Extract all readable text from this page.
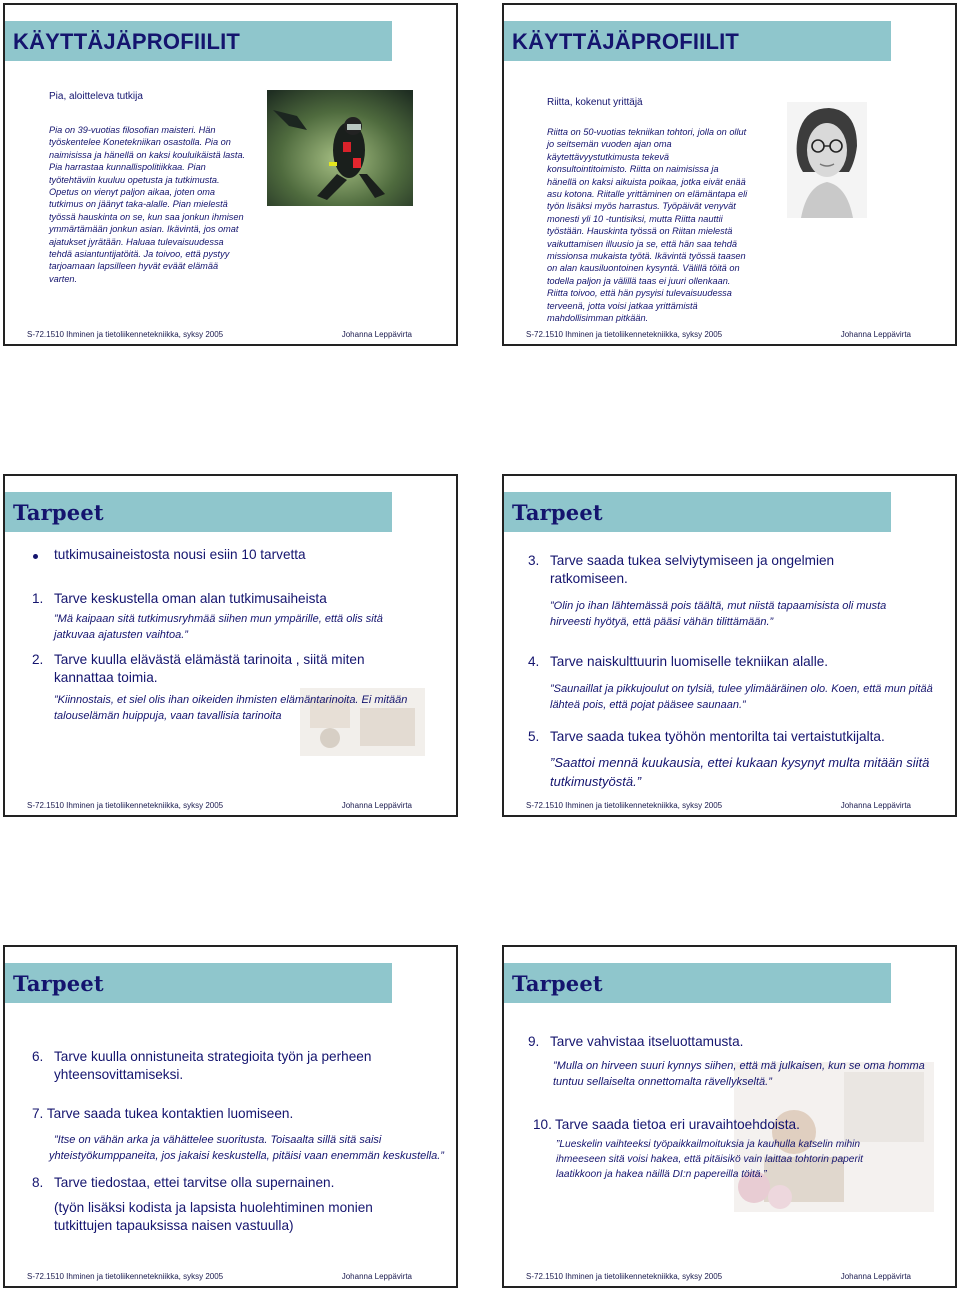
KÄYTTÄJÄPROFIILIT
Pia, aloitteleva tutkija
Pia on 39-vuotias filosofian maisteri. Hän
työskentelee Konetekniikan osastolla. Pia on
naimisissa ja hänellä on kaksi kouluikäistä lasta.
Pia harrastaa kunnallispolitiikkaa. Pian
työtehtäviin kuuluu opetusta ja tutkimusta.
Opetus on vienyt paljon aikaa, joten oma
tutkimus on jäänyt taka-alalle. Pian mielestä
työssä hauskinta on se, kun saa jonkun ihmisen
ymmärtämään jonkun asian. Ikävintä, jos omat
ajatukset jyrätään. Haluaa tulevaisuudessa
tehdä asiantuntijatöitä. Ja toivoo, että pystyy
tarjoamaan lapsilleen hyvät eväät elämää
varten.
S-72.1510 Ihminen ja tietoliikennetekniikka, syksy 2005	Johanna Leppävirta
KÄYTTÄJÄPROFIILIT
Riitta, kokenut yrittäjä
Riitta on 50-vuotias tekniikan tohtori, jolla on ollut
jo seitsemän vuoden ajan oma
käytettävyystutkimusta tekevä
konsultointitoimisto. Riitta on naimisissa ja
hänellä on kaksi aikuista poikaa, jotka eivät enää
asu kotona. Riitalle yrittäminen on elämäntapa eli
työn lisäksi myös harrastus. Työpäivät venyvät
monesti yli 10 -tuntisiksi, mutta Riitta nauttii
työstään. Hauskinta työssä on Riitan mielestä
vaikuttamisen illuusio ja se, että hän saa tehdä
missionsa mukaista työtä. Ikävintä työssä taasen
on alan kausiluontoinen kysyntä. Välillä töitä on
todella paljon ja välillä taas ei juuri ollenkaan.
Riitta toivoo, että hän pysyisi tulevaisuudessa
terveenä, jotta voisi jatkaa yrittämistä
mahdollisimman pitkään.
S-72.1510 Ihminen ja tietoliikennetekniikka, syksy 2005	Johanna Leppävirta
Tarpeet
tutkimusaineistosta nousi esiin 10 tarvetta
1. Tarve keskustella oman alan tutkimusaiheista
”Mä kaipaan sitä tutkimusryhmää siihen mun ympärille, että olis sitä
jatkuvaa ajatusten vaihtoa.”
2. Tarve kuulla elävästä elämästä tarinoita , siitä miten
kannattaa toimia.
”Kiinnostais, et siel olis ihan oikeiden ihmisten elämäntarinoita. Ei mitään
talouselämän huippuja, vaan tavallisia tarinoita
S-72.1510 Ihminen ja tietoliikennetekniikka, syksy 2005	Johanna Leppävirta
Tarpeet
3. Tarve saada tukea selviytymiseen ja ongelmien
ratkomiseen.
”Olin jo ihan lähtemässä pois täältä, mut niistä tapaamisista oli musta
hirveesti hyötyä, että pääsi vähän tilittämään.”
4. Tarve naiskulttuurin luomiselle tekniikan alalle.
”Saunaillat ja pikkujoulut on tylsiä, tulee ylimääräinen olo. Koen, että mun pitää
lähteä pois, että pojat pääsee saunaan.”
5. Tarve saada tukea työhön mentorilta tai vertaistutkijalta.
”Saattoi mennä kuukausia, ettei kukaan kysynyt multa mitään siitä
tutkimustyöstä.”
S-72.1510 Ihminen ja tietoliikennetekniikka, syksy 2005	Johanna Leppävirta
Tarpeet
6. Tarve kuulla onnistuneita strategioita työn ja perheen
yhteensovittamiseksi.
7. Tarve saada tukea kontaktien luomiseen.
”Itse on vähän arka ja vähättelee suoritusta. Toisaalta sillä sitä saisi
yhteistyökumppaneita, jos jakaisi keskustella, pitäisi vaan enemmän keskustella.”
8. Tarve tiedostaa, ettei tarvitse olla supernainen.
(työn lisäksi kodista ja lapsista huolehtiminen monien
tutkittujen tapauksissa naisen vastuulla)
S-72.1510 Ihminen ja tietoliikennetekniikka, syksy 2005	Johanna Leppävirta
Tarpeet
9. Tarve vahvistaa itseluottamusta.
”Mulla on hirveen suuri kynnys siihen, että mä julkaisen, kun se oma homma
tuntuu sellaiselta onnettomalta rävellykseltä.”
10. Tarve saada tietoa eri uravaihtoehdoista.
”Lueskelin vaihteeksi työpaikkailmoituksia ja kauhulla katselin mihin
ihmeeseen sitä voisi hakea, että pitäisikö vain laittaa tohtorin paperit
laatikkoon ja hakea näillä DI:n papereilla töitä.”
S-72.1510 Ihminen ja tietoliikennetekniikka, syksy 2005	Johanna Leppävirta
